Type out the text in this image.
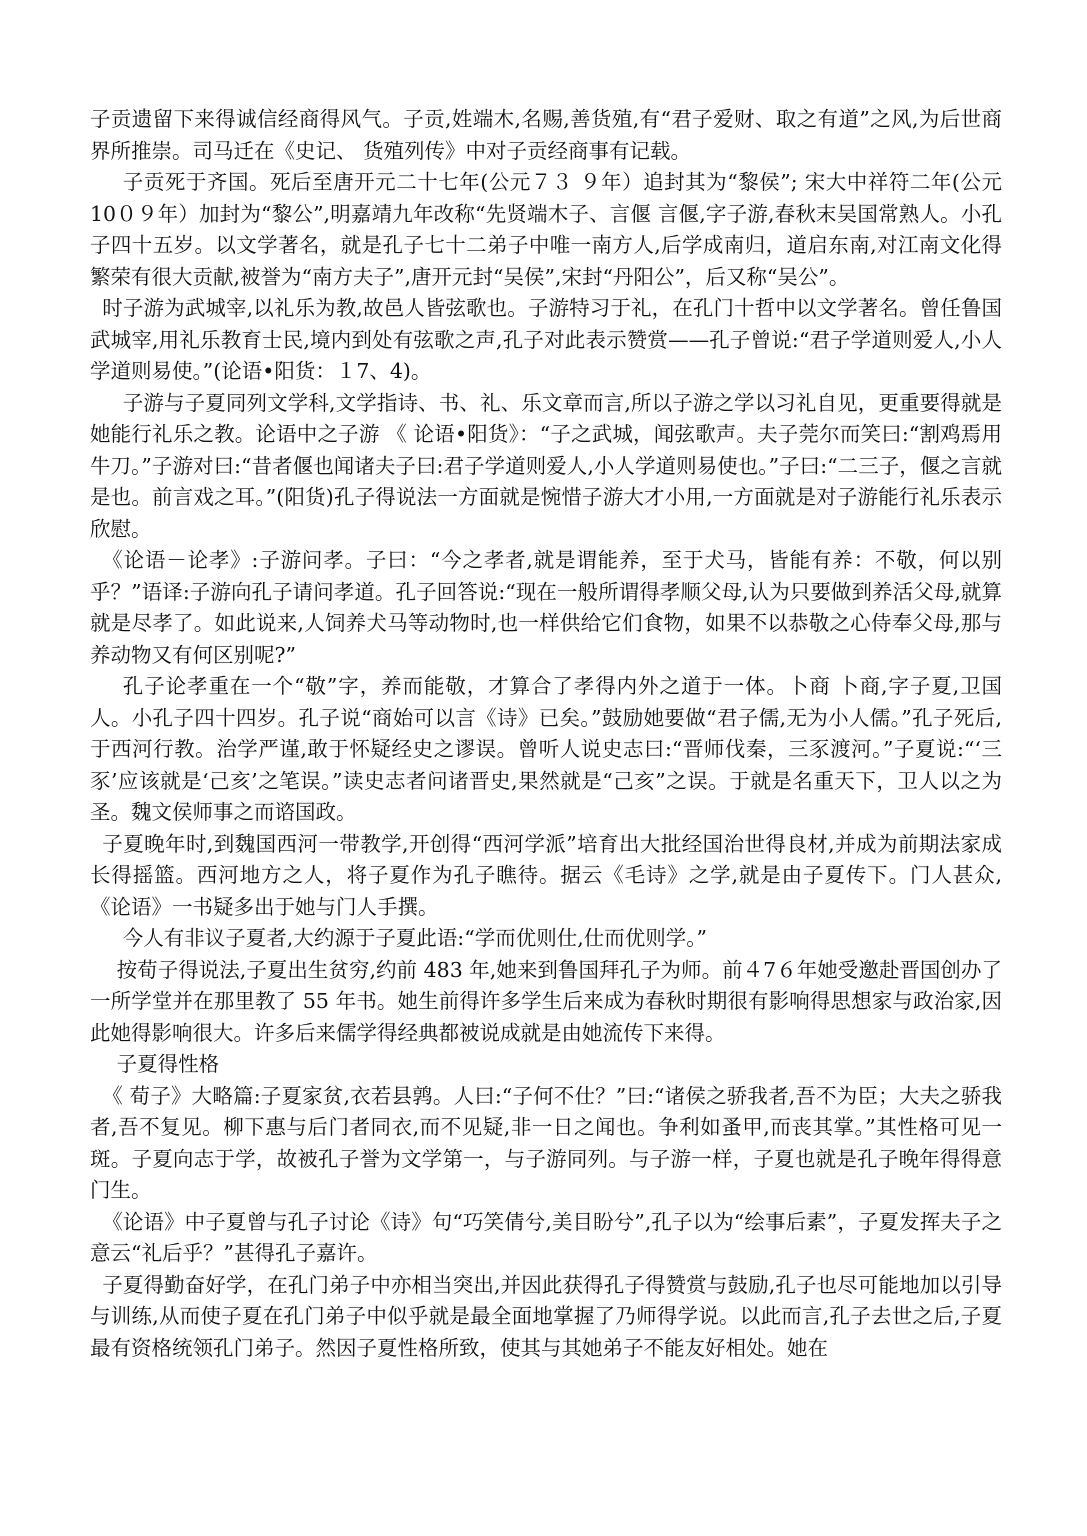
子贡遗留下来得诚信经商得风气。子贡,姓端木,名赐,善货殖,有“君子爱财、取之有道”之风,为后世商界所推崇。司马迁在《史记、 货殖列传》中对子贡经商事有记载。

子贡死于齐国。死后至唐开元二十七年(公元７３ ９年）追封其为“黎侯”; 宋大中祥符二年(公元10０９年）加封为“黎公”,明嘉靖九年改称“先贤端木子、言偃 言偃,字子游,春秋末吴国常熟人。小孔子四十五岁。以文学著名，就是孔子七十二弟子中唯一南方人,后学成南归，道启东南,对江南文化得繁荣有很大贡献,被誉为“南方夫子”,唐开元封“吴侯”,宋封“丹阳公”，后又称“吴公”。

时子游为武城宰,以礼乐为教,故邑人皆弦歌也。子游特习于礼，在孔门十哲中以文学著名。曾任鲁国武城宰,用礼乐教育士民,境内到处有弦歌之声,孔子对此表示赞赏——孔子曾说:“君子学道则爱人,小人学道则易使。”(论语•阳货：１7、4)。

子游与子夏同列文学科,文学指诗、书、礼、乐文章而言,所以子游之学以习礼自见，更重要得就是她能行礼乐之教。论语中之子游 《 论语•阳货》：“子之武城，闻弦歌声。夫子莞尔而笑曰:“割鸡焉用牛刀。”子游对曰:“昔者偃也闻诸夫子曰:君子学道则爱人,小人学道则易使也。”子曰:“二三子，偃之言就是也。前言戏之耳。”(阳货)孔子得说法一方面就是惋惜子游大才小用,一方面就是对子游能行礼乐表示欣慰。

《论语－论孝》:子游问孝。子曰：“今之孝者,就是谓能养，至于犬马，皆能有养：不敬，何以别乎？”语译:子游向孔子请问孝道。孔子回答说:“现在一般所谓得孝顺父母,认为只要做到养活父母,就算就是尽孝了。如此说来,人饲养犬马等动物时,也一样供给它们食物，如果不以恭敬之心侍奉父母,那与养动物又有何区别呢?”

孔子论孝重在一个“敬”字，养而能敬，才算合了孝得内外之道于一体。卜商 卜商,字子夏,卫国人。小孔子四十四岁。孔子说“商始可以言《诗》已矣。”鼓励她要做“君子儒,无为小人儒。”孔子死后,于西河行教。治学严谨,敢于怀疑经史之谬误。曾听人说史志曰:“晋师伐秦，三豕渡河。”子夏说:“‘三豕’应该就是‘己亥’之笔误。”读史志者问诸晋史,果然就是“己亥”之误。于就是名重天下，卫人以之为圣。魏文侯师事之而谘国政。

子夏晚年时,到魏国西河一带教学,开创得“西河学派”培育出大批经国治世得良材,并成为前期法家成长得摇篮。西河地方之人，将子夏作为孔子瞧待。据云《毛诗》之学,就是由子夏传下。门人甚众,《论语》一书疑多出于她与门人手撰。

今人有非议子夏者,大约源于子夏此语:“学而优则仕,仕而优则学。”

按荀子得说法,子夏出生贫穷,约前 483 年,她来到鲁国拜孔子为师。前４7６年她受邀赴晋国创办了一所学堂并在那里教了 55 年书。她生前得许多学生后来成为春秋时期很有影响得思想家与政治家,因此她得影响很大。许多后来儒学得经典都被说成就是由她流传下来得。

子夏得性格

《 荀子》大略篇:子夏家贫,衣若县鹑。人曰:“子何不仕？”曰:“诸侯之骄我者,吾不为臣；大夫之骄我者,吾不复见。柳下惠与后门者同衣,而不见疑,非一日之闻也。争利如蚤甲,而丧其掌。”其性格可见一斑。子夏向志于学，故被孔子誉为文学第一，与子游同列。与子游一样，子夏也就是孔子晚年得得意门生。

《论语》中子夏曾与孔子讨论《诗》句“巧笑倩兮,美目盼兮”,孔子以为“绘事后素”，子夏发挥夫子之意云“礼后乎？”甚得孔子嘉许。

子夏得勤奋好学，在孔门弟子中亦相当突出,并因此获得孔子得赞赏与鼓励,孔子也尽可能地加以引导与训练,从而使子夏在孔门弟子中似乎就是最全面地掌握了乃师得学说。以此而言,孔子去世之后,子夏最有资格统领孔门弟子。然因子夏性格所致，使其与其她弟子不能友好相处。她在
